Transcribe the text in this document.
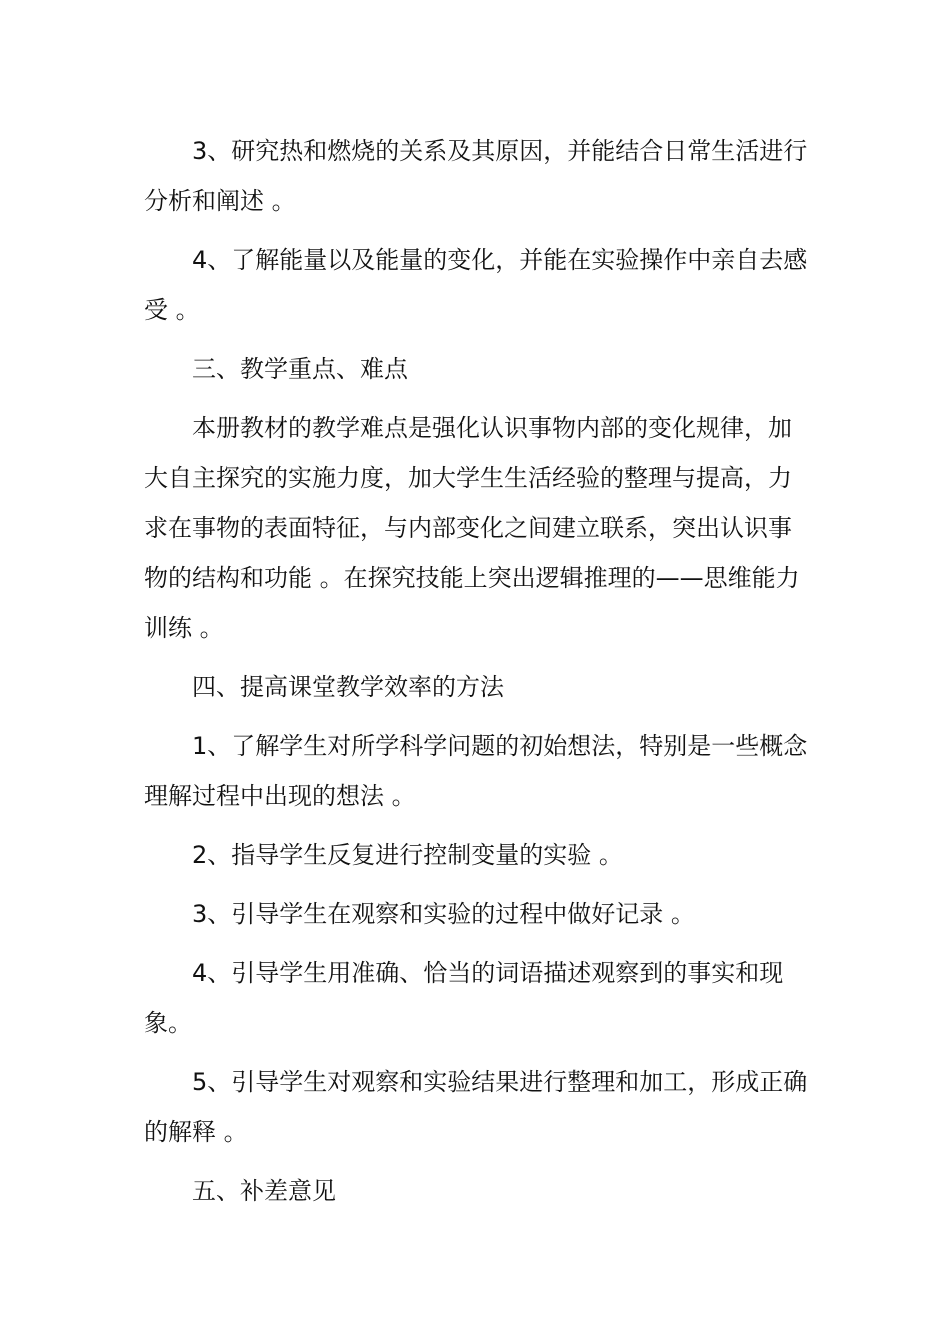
3、研究热和燃烧的关系及其原因，并能结合日常生活进行分析和阐述 。

4、了解能量以及能量的变化，并能在实验操作中亲自去感受 。

三、教学重点、难点

本册教材的教学难点是强化认识事物内部的变化规律，加大自主探究的实施力度，加大学生生活经验的整理与提高，力求在事物的表面特征，与内部变化之间建立联系，突出认识事物的结构和功能 。在探究技能上突出逻辑推理的——思维能力训练 。

四、提高课堂教学效率的方法

1、了解学生对所学科学问题的初始想法，特别是一些概念理解过程中出现的想法 。

2、指导学生反复进行控制变量的实验 。

3、引导学生在观察和实验的过程中做好记录 。

4、引导学生用准确、恰当的词语描述观察到的事实和现象。

5、引导学生对观察和实验结果进行整理和加工，形成正确的解释 。

五、补差意见
